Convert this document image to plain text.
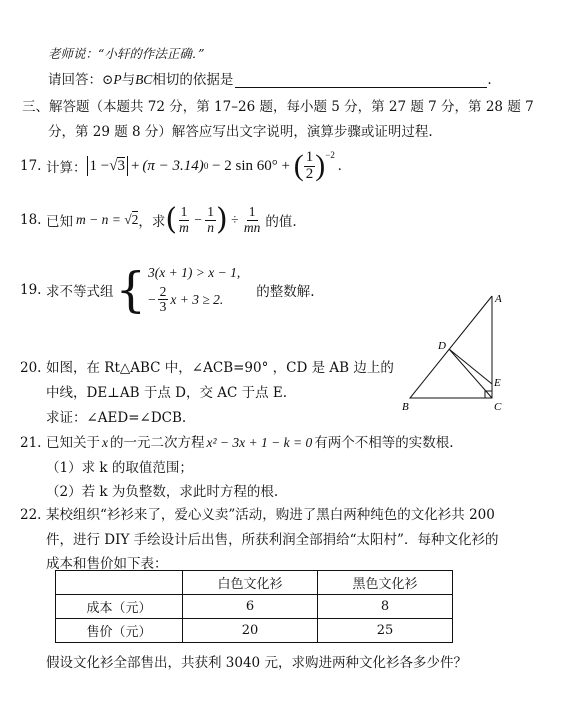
老师说：“小轩的作法正确．”
请回答：⊙P与BC相切的依据是	.
三、解答题（本题共 72 分，第 17–26 题，每小题 5 分，第 27 题 7 分，第 28 题 7
分，第 29 题 8 分）解答应写出文字说明，演算步骤或证明过程.
17. 计算： 1 − √3 + (π − 3.14) 0 − 2 sin 60° + ( $\frac{1}{2} )^{-2}$
.
18. 已知 m − n = √2 ，求 ( $\frac{1}{m} - \frac{1}{n}$ ) ÷ $\frac{1}{mn}$ 的值.
19. 求不等式组 { 3(x + 1) > x − 1,
− $\frac{2}{3}$ x + 3 ≥ 2. 的整数解.
20. 如图，在 Rt△ABC 中，∠ACB=90° ，CD 是 AB 边上的
中线，DE⊥AB 于点 D，交 AC 于点 E.
求证：∠AED=∠DCB.
A
B	C
D
E
21. 已知关于 x 的一元二次方程 x² − 3x + 1 − k = 0 有两个不相等的实数根.
（1）求 k 的取值范围；
（2）若 k 为负整数，求此时方程的根.
22. 某校组织“衫衫来了，爱心义卖”活动，购进了黑白两种纯色的文化衫共 200
件，进行 DIY 手绘设计后出售，所获利润全部捐给“太阳村”．每种文化衫的
成本和售价如下表：
	白色文化衫	黑色文化衫
成本（元）	6	8
售价（元）	20	25
假设文化衫全部售出，共获利 3040 元，求购进两种文化衫各多少件？
